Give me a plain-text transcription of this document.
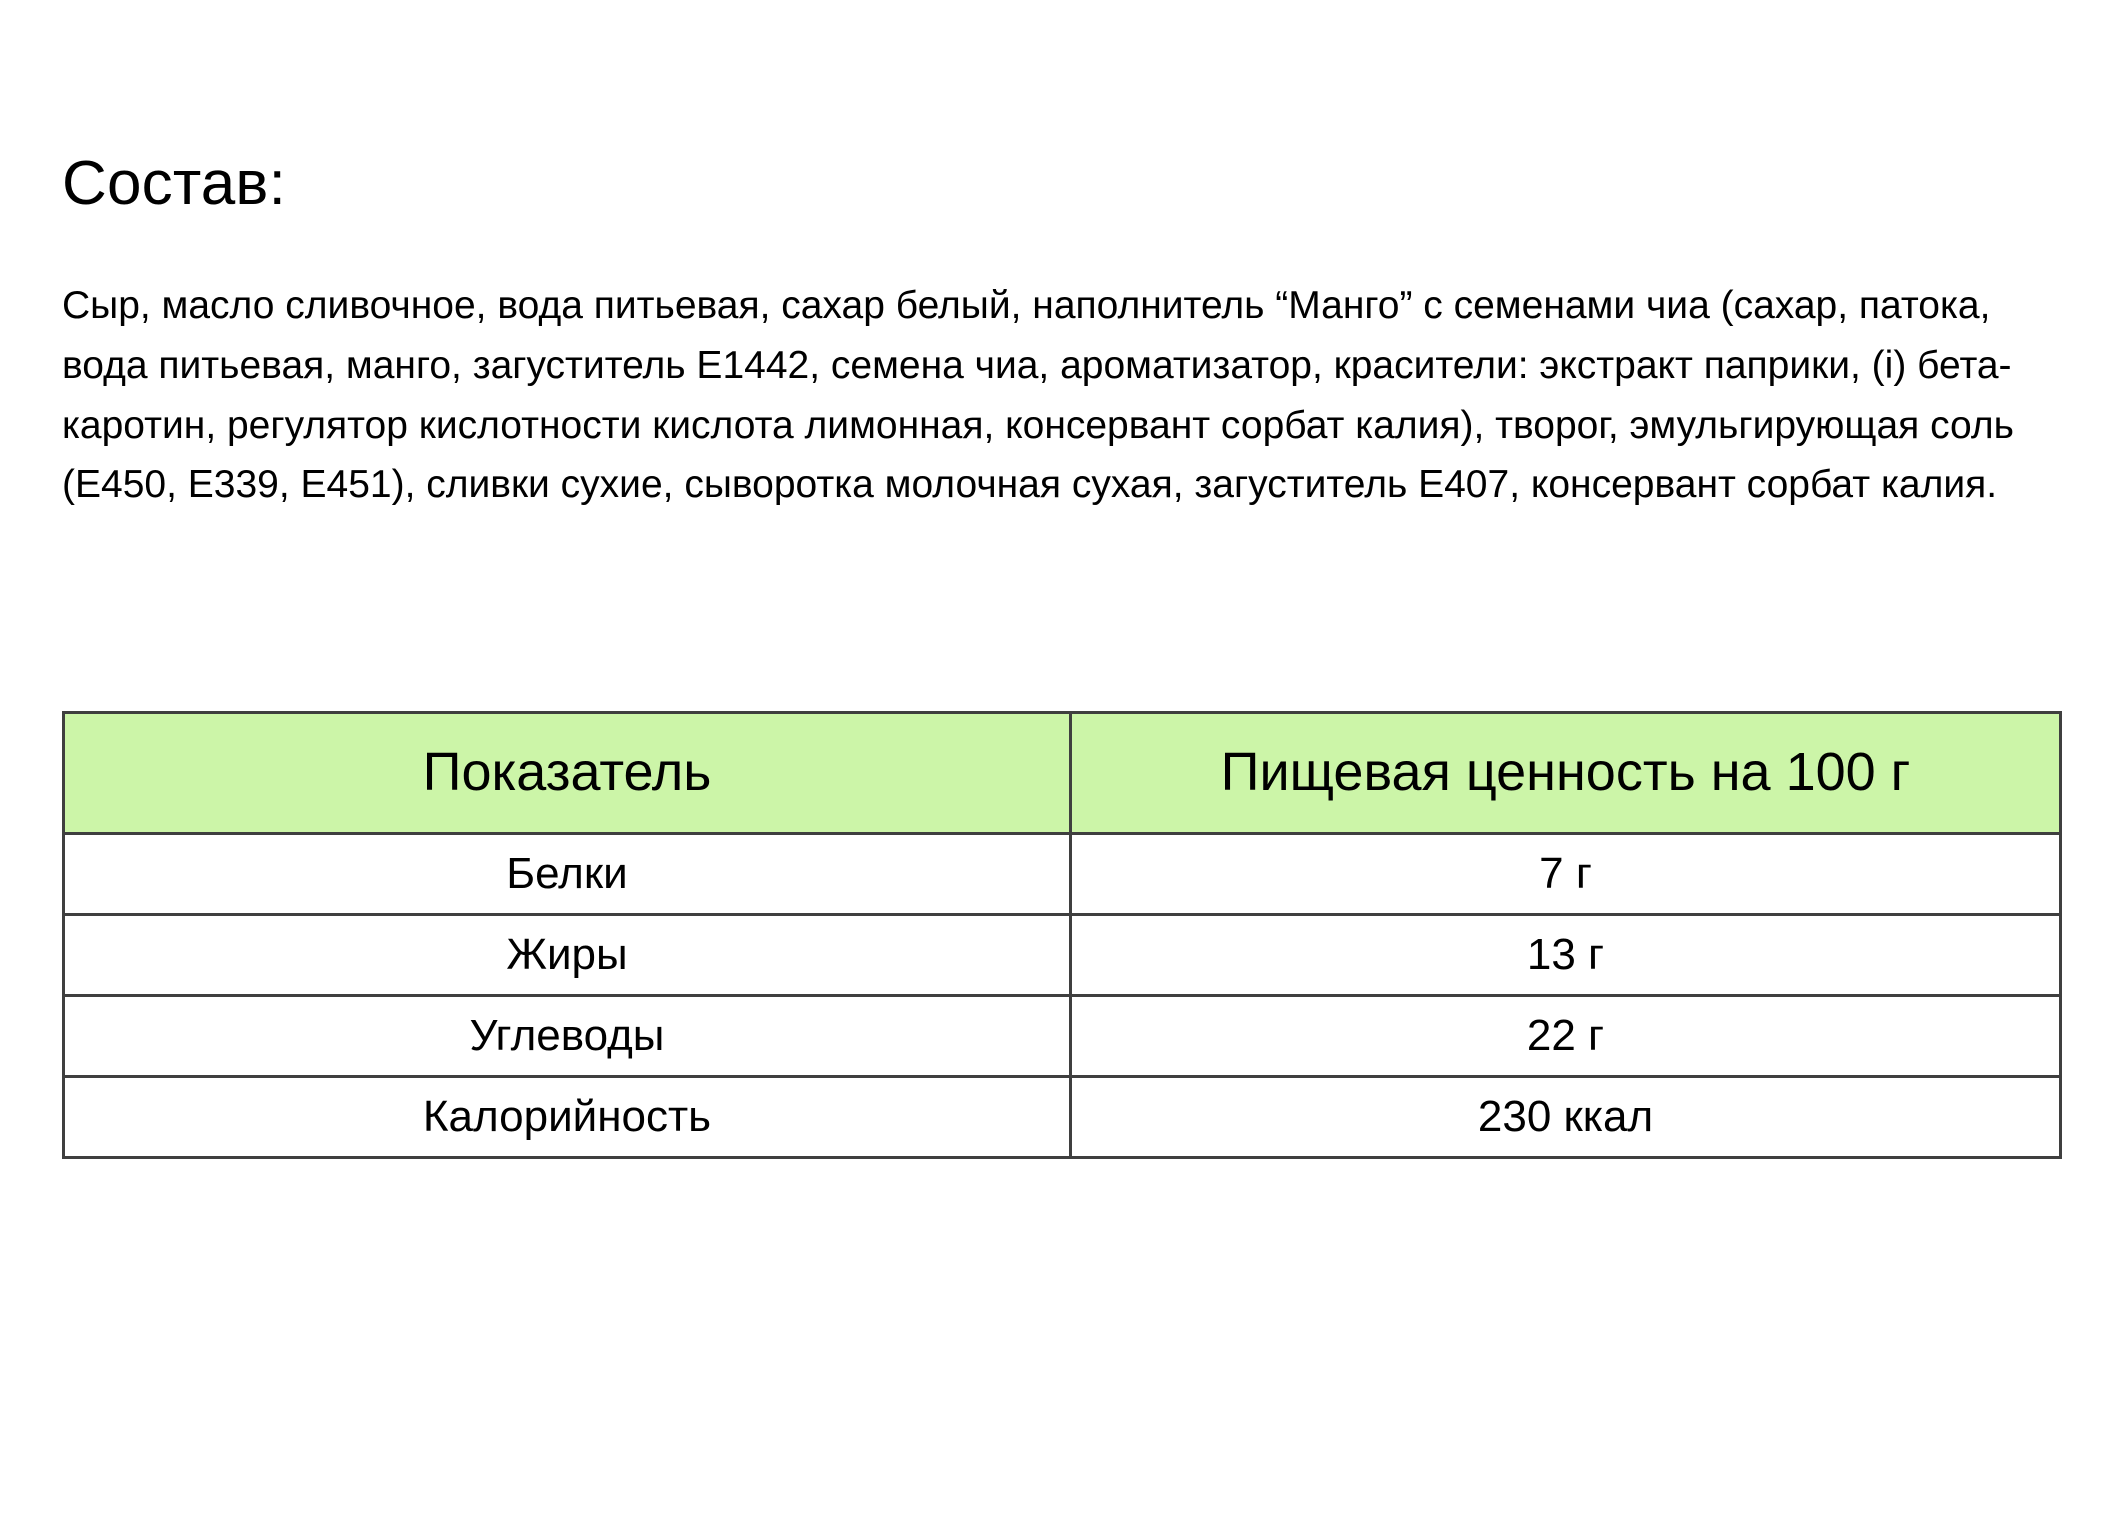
Состав:

Сыр, масло сливочное, вода питьевая, сахар белый, наполнитель “Манго” с семенами чиа (сахар, патока, вода питьевая, манго, загуститель Е1442, семена чиа, ароматизатор, красители: экстракт паприки, (i) бета-каротин, регулятор кислотности кислота лимонная, консервант сорбат калия), творог, эмульгирующая соль (Е450, Е339, Е451), сливки сухие, сыворотка молочная сухая, загуститель Е407, консервант сорбат калия.

Показатель	Пищевая ценность на 100 г
Белки	7 г
Жиры	13 г
Углеводы	22 г
Калорийность	230 ккал
